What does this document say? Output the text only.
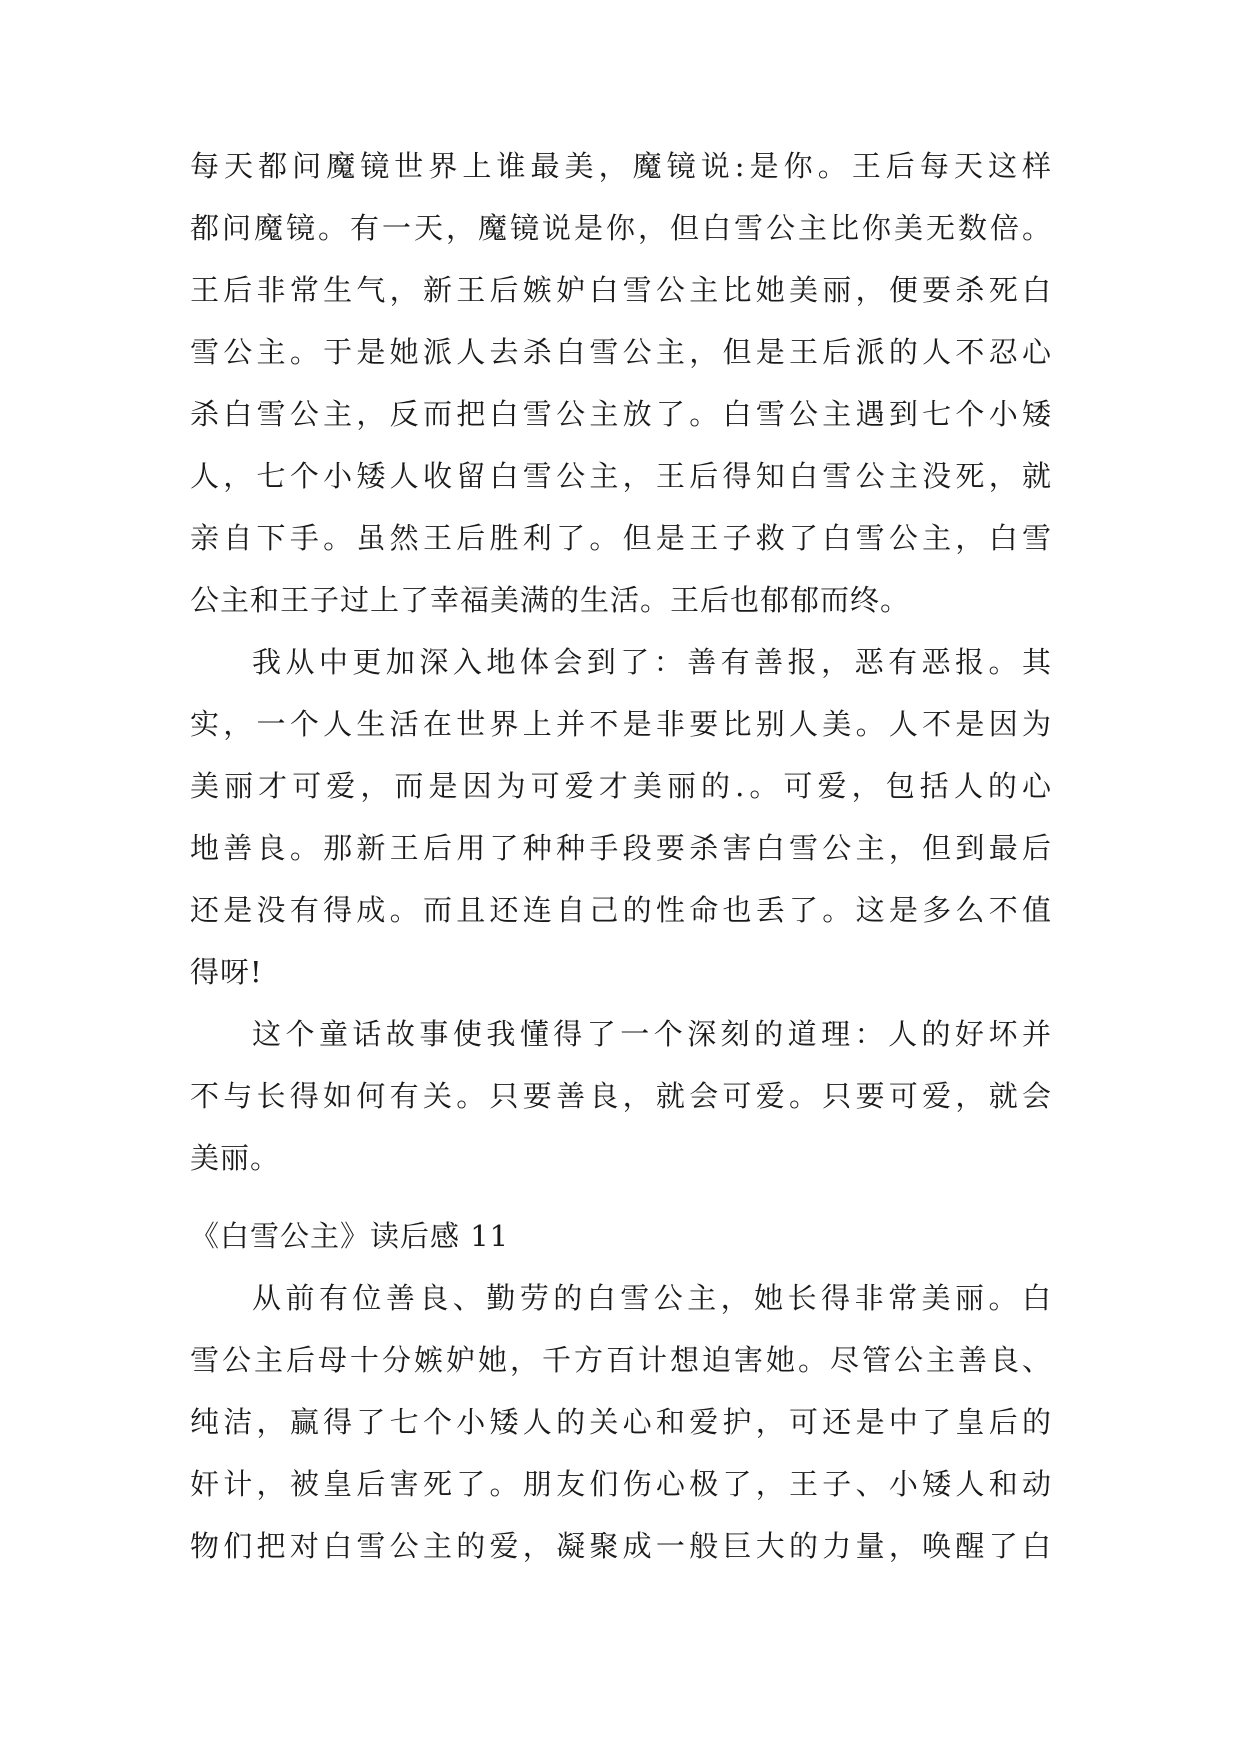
每天都问魔镜世界上谁最美，魔镜说:是你。王后每天这样
都问魔镜。有一天，魔镜说是你，但白雪公主比你美无数倍。
王后非常生气，新王后嫉妒白雪公主比她美丽，便要杀死白
雪公主。于是她派人去杀白雪公主，但是王后派的人不忍心
杀白雪公主，反而把白雪公主放了。白雪公主遇到七个小矮
人，七个小矮人收留白雪公主，王后得知白雪公主没死，就
亲自下手。虽然王后胜利了。但是王子救了白雪公主，白雪
公主和王子过上了幸福美满的生活。王后也郁郁而终。
我从中更加深入地体会到了：善有善报，恶有恶报。其
实，一个人生活在世界上并不是非要比别人美。人不是因为
美丽才可爱，而是因为可爱才美丽的.。可爱，包括人的心
地善良。那新王后用了种种手段要杀害白雪公主，但到最后
还是没有得成。而且还连自己的性命也丢了。这是多么不值
得呀!
这个童话故事使我懂得了一个深刻的道理：人的好坏并
不与长得如何有关。只要善良，就会可爱。只要可爱，就会
美丽。
《白雪公主》读后感 11
从前有位善良、勤劳的白雪公主，她长得非常美丽。白
雪公主后母十分嫉妒她，千方百计想迫害她。尽管公主善良、
纯洁，赢得了七个小矮人的关心和爱护，可还是中了皇后的
奸计，被皇后害死了。朋友们伤心极了，王子、小矮人和动
物们把对白雪公主的爱，凝聚成一般巨大的力量，唤醒了白
